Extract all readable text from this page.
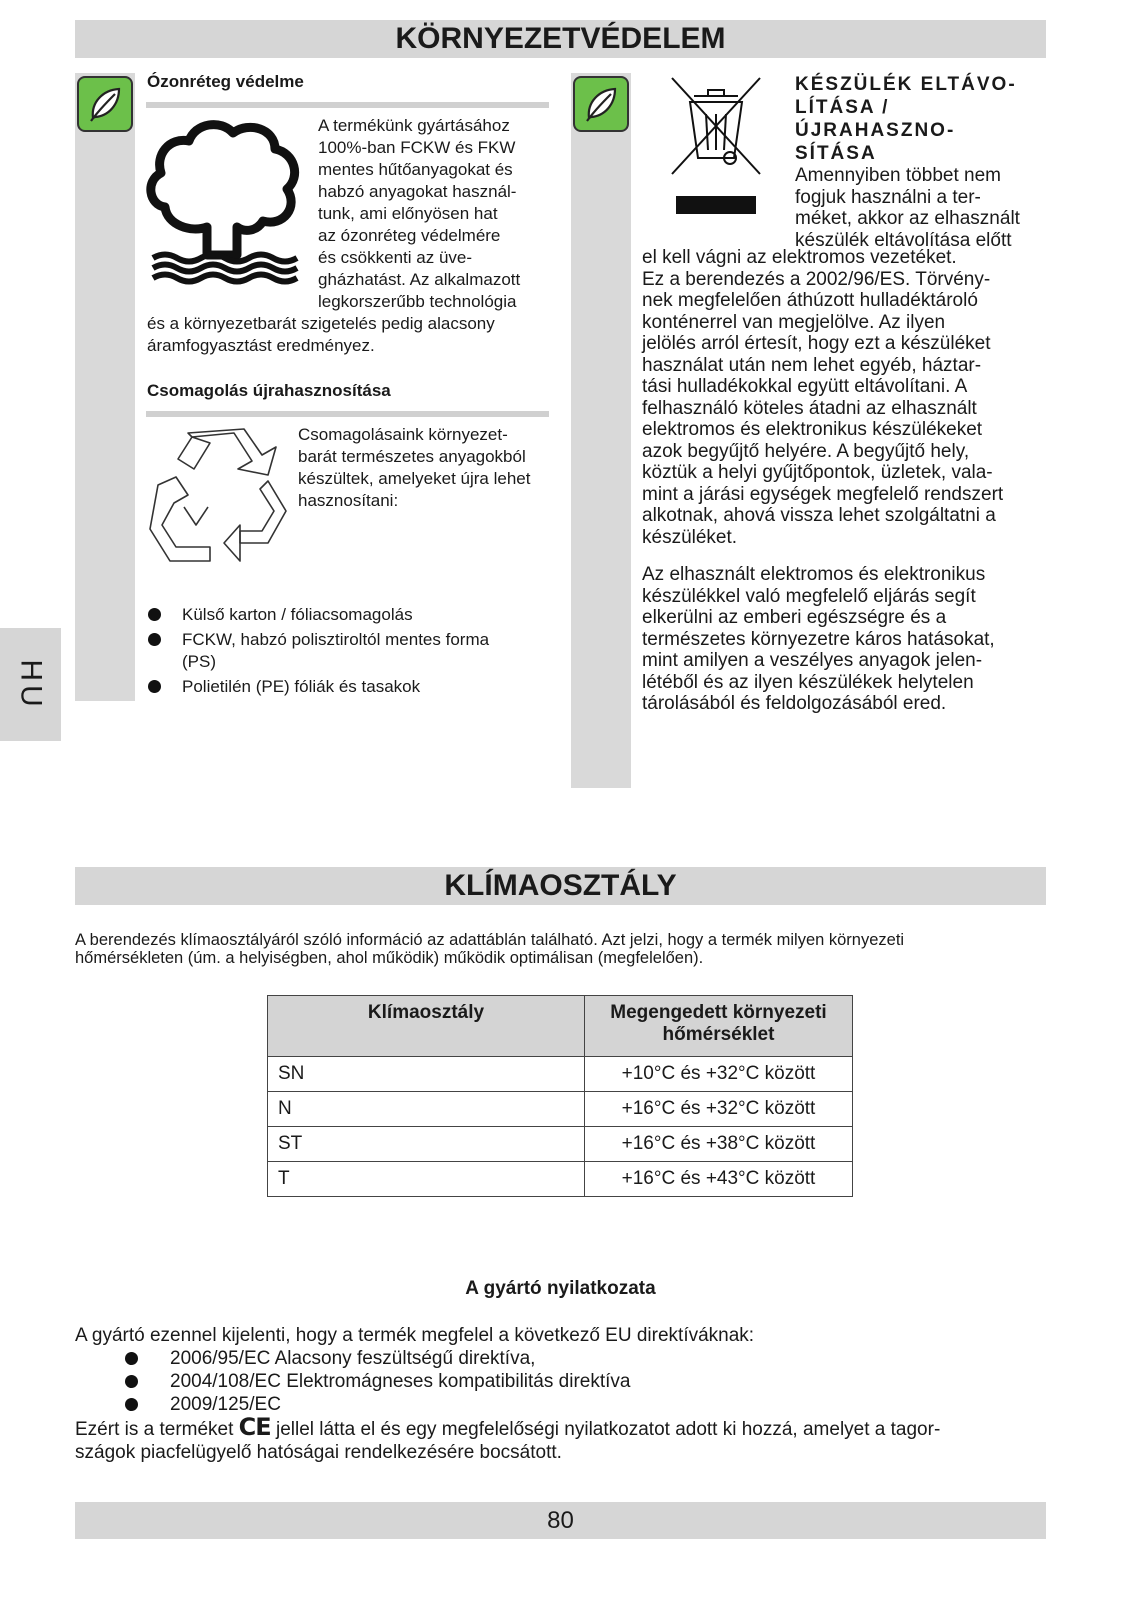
KÖRNYEZETVÉDELEM
Ózonréteg védelme
A termékünk gyártásához
100%-ban FCKW és FKW
mentes hűtőanyagokat és
habzó anyagokat használ-
tunk, ami előnyösen hat
az ózonréteg védelmére
és csökkenti az üve-
gházhatást. Az alkalmazott
legkorszerűbb technológia
és a környezetbarát szigetelés pedig alacsony
áramfogyasztást eredményez.
Csomagolás újrahasznosítása
Csomagolásaink környezet-
barát természetes anyagokból
készültek, amelyeket újra lehet
hasznosítani:
Külső karton / fóliacsomagolás
FCKW, habzó polisztiroltól mentes forma (PS)
Polietilén (PE) fóliák és tasakok
KÉSZÜLÉK ELTÁVO-
LÍTÁSA /ÚJRAHASZNO-
SÍTÁSA
Amennyiben többet nem
fogjuk használni a ter-
méket, akkor az elhasznált
készülék eltávolítása előtt
el kell vágni az elektromos vezetéket.
Ez a berendezés a 2002/96/ES. Törvény-
nek megfelelően áthúzott hulladéktároló
konténerrel van megjelölve. Az ilyen
jelölés arról értesít, hogy ezt a készüléket
használat után nem lehet egyéb, háztar-
tási hulladékokkal együtt eltávolítani. A
felhasználó köteles átadni az elhasznált
elektromos és elektronikus készülékeket
azok begyűjtő helyére. A begyűjtő hely,
köztük a helyi gyűjtőpontok, üzletek, vala-
mint a járási egységek megfelelő rendszert
alkotnak, ahová vissza lehet szolgáltatni a
készüléket.
Az elhasznált elektromos és elektronikus
készülékkel való megfelelő eljárás segít
elkerülni az emberi egészségre és a
természetes környezetre káros hatásokat,
mint amilyen a veszélyes anyagok jelen-
létéből és az ilyen készülékek helytelen
tárolásából és feldolgozásából ered.
HU
KLÍMAOSZTÁLY
A berendezés klímaosztályáról szóló információ az adattáblán található. Azt jelzi, hogy a termék milyen környezeti
hőmérsékleten (úm. a helyiségben, ahol működik) működik optimálisan (megfelelően).
Klímaosztály	Megengedett környezeti
hőmérséklet

SN	+10°C és +32°C között
N	+16°C és +32°C között
ST	+16°C és +38°C között
T	+16°C és +43°C között
A gyártó nyilatkozata
A gyártó ezennel kijelenti, hogy a termék megfelel a következő EU direktíváknak:
2006/95/EC Alacsony feszültségű direktíva,
2004/108/EC Elektromágneses kompatibilitás direktíva
2009/125/EC
Ezért is a terméket CE jellel látta el és egy megfelelőségi nyilatkozatot adott ki hozzá, amelyet a tagor-
szágok piacfelügyelő hatóságai rendelkezésére bocsátott.
80
